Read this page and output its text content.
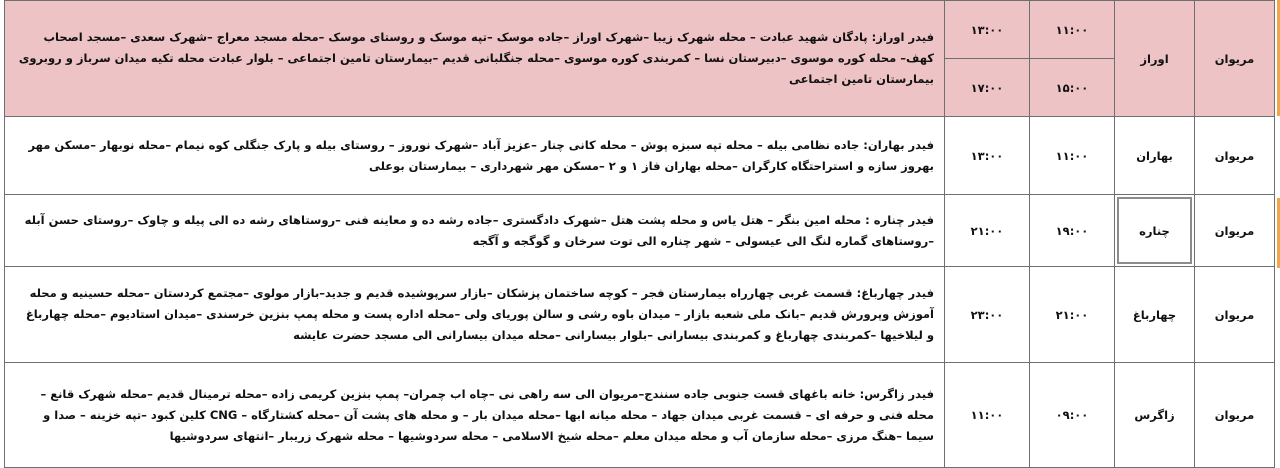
مریوان	اوراز	۱۱:۰۰	۱۳:۰۰	فیدر اوراز: پادگان شهید عبادت – محله شهرک زیبا –شهرک اوراز –جاده موسک –تپه موسک و روستای موسک –محله مسجد معراج –شهرک سعدی –مسجد اصحاب کهف– محله کوره موسوی –دبیرستان نسا – کمربندی کوره موسوی –محله جنگلبانی قدیم –بیمارستان تامین اجتماعی – بلوار عبادت محله تکیه میدان سرباز و روبروی بیمارستان تامین اجتماعی
		۱۵:۰۰	۱۷:۰۰	
مریوان	بهاران	۱۱:۰۰	۱۳:۰۰	فیدر بهاران: جاده نظامی بیله – محله تپه سبزه پوش – محله کانی چنار –عزیز آباد –شهرک نوروز – روستای بیله و پارک جنگلی کوه نیمام –محله نوبهار –مسکن مهر بهروز سازه و استراحتگاه کارگران –محله بهاران فاز ۱ و ۲ –مسکن مهر شهرداری – بیمارستان بوعلی
مریوان	چناره	۱۹:۰۰	۲۱:۰۰	فیدر چناره : محله امین بنگر – هتل یاس و محله پشت هتل –شهرک دادگستری –جاده رشه ده و معاینه فنی –روستاهای رشه ده الی پیله و چاوک –روستای حسن آبله –روستاهای گماره لنگ الی عیسولی – شهر چناره الی توت سرخان و گوگجه و آگجه
مریوان	چهارباغ	۲۱:۰۰	۲۳:۰۰	فیدر چهارباغ: قسمت غربی چهارراه بیمارستان فجر – کوچه ساختمان پزشکان –بازار سرپوشیده قدیم و جدید–بازار مولوی –مجتمع کردستان –محله حسینیه و محله آموزش وپرورش قدیم –بانک ملی شعبه بازار – میدان باوه رشی و سالن پوریای ولی –محله اداره پست و محله پمپ بنزین خرسندی –میدان استادیوم –محله چهارباغ و لیلاخیها –کمربندی چهارباغ و کمربندی بیسارانی –بلوار بیسارانی –محله میدان بیسارانی الی مسجد حضرت عایشه
مریوان	زاگرس	۰۹:۰۰	۱۱:۰۰	فیدر زاگرس: خانه باغهای قست جنوبی جاده سنندج–مریوان الی سه راهی نی –چاه اب چمران– پمپ بنزین کریمی زاده –محله ترمینال قدیم –محله شهرک قانع – محله فنی و حرفه ای – قسمت غربی میدان جهاد – محله میانه ابها –محله میدان بار – و محله های پشت آن –محله کشتارگاه – CNG کلین کبود –تپه خزینه – صدا و سیما –هنگ مرزی –محله سازمان آب و محله میدان معلم –محله شیخ الاسلامی – محله سردوشیها – محله شهرک زریبار –انتهای سردوشیها
